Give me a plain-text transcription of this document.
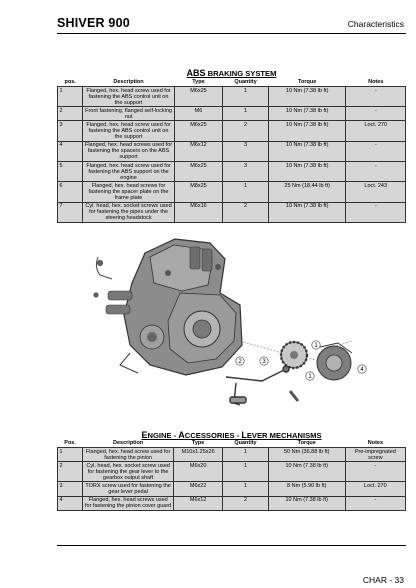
SHIVER 900	Characteristics
ABS BRAKING SYSTEM
pos.	Description	Type	Quantity	Torque	Notes
1	Flanged, hex. head screw used for fastening the ABS control unit on the support	M6x25	1	10 Nm (7.38 lb ft)	-
2	Front fastening, flanged self-locking nut	M6	1	10 Nm (7.38 lb ft)	-
3	Flanged, hex. head screw used for fastening the ABS control unit on the support	M6x25	2	10 Nm (7.38 lb ft)	Loct. 270
4	Flanged, hex. head screws used for fastening the spacers on the ABS support	M6x12	3	10 Nm (7.38 lb ft)	-
5	Flanged, hex. head screw used for fastening the ABS support on the engine	M6x25	3	10 Nm (7.38 lb ft)	-
6	Flanged, hex. head screws for fastening the spacer plate on the frame plate	M8x25	1	25 Nm (18.44 lb ft)	Loct. 243
7	Cyl. head, hex. socket screws used for fastening the pipes under the steering headstock	M6x16	2	10 Nm (7.38 lb ft)	-
2	3
1
4
1
ENGINE - ACCESSORIES - LEVER MECHANISMS
Pos.	Description	Type	Quantity	Torque	Notes
1	Flanged, hex. head screw used for fastening the pinion	M10x1.25x26	1	50 Nm (36.88 lb ft)	Pre-impregnated screw
2	Cyl. head, hex. socket screw used for fastening the gear lever to the gearbox output shaft	M6x20	1	10 Nm (7.38 lb ft)	-
3	TORX screw used for fastening the gear lever pedal	M6x22	1	8 Nm (5.90 lb ft)	Loct. 270
4	Flanged, hex. head screws used for fastening the pinion cover guard	M6x12	2	10 Nm (7.38 lb ft)	-
CHAR - 33
